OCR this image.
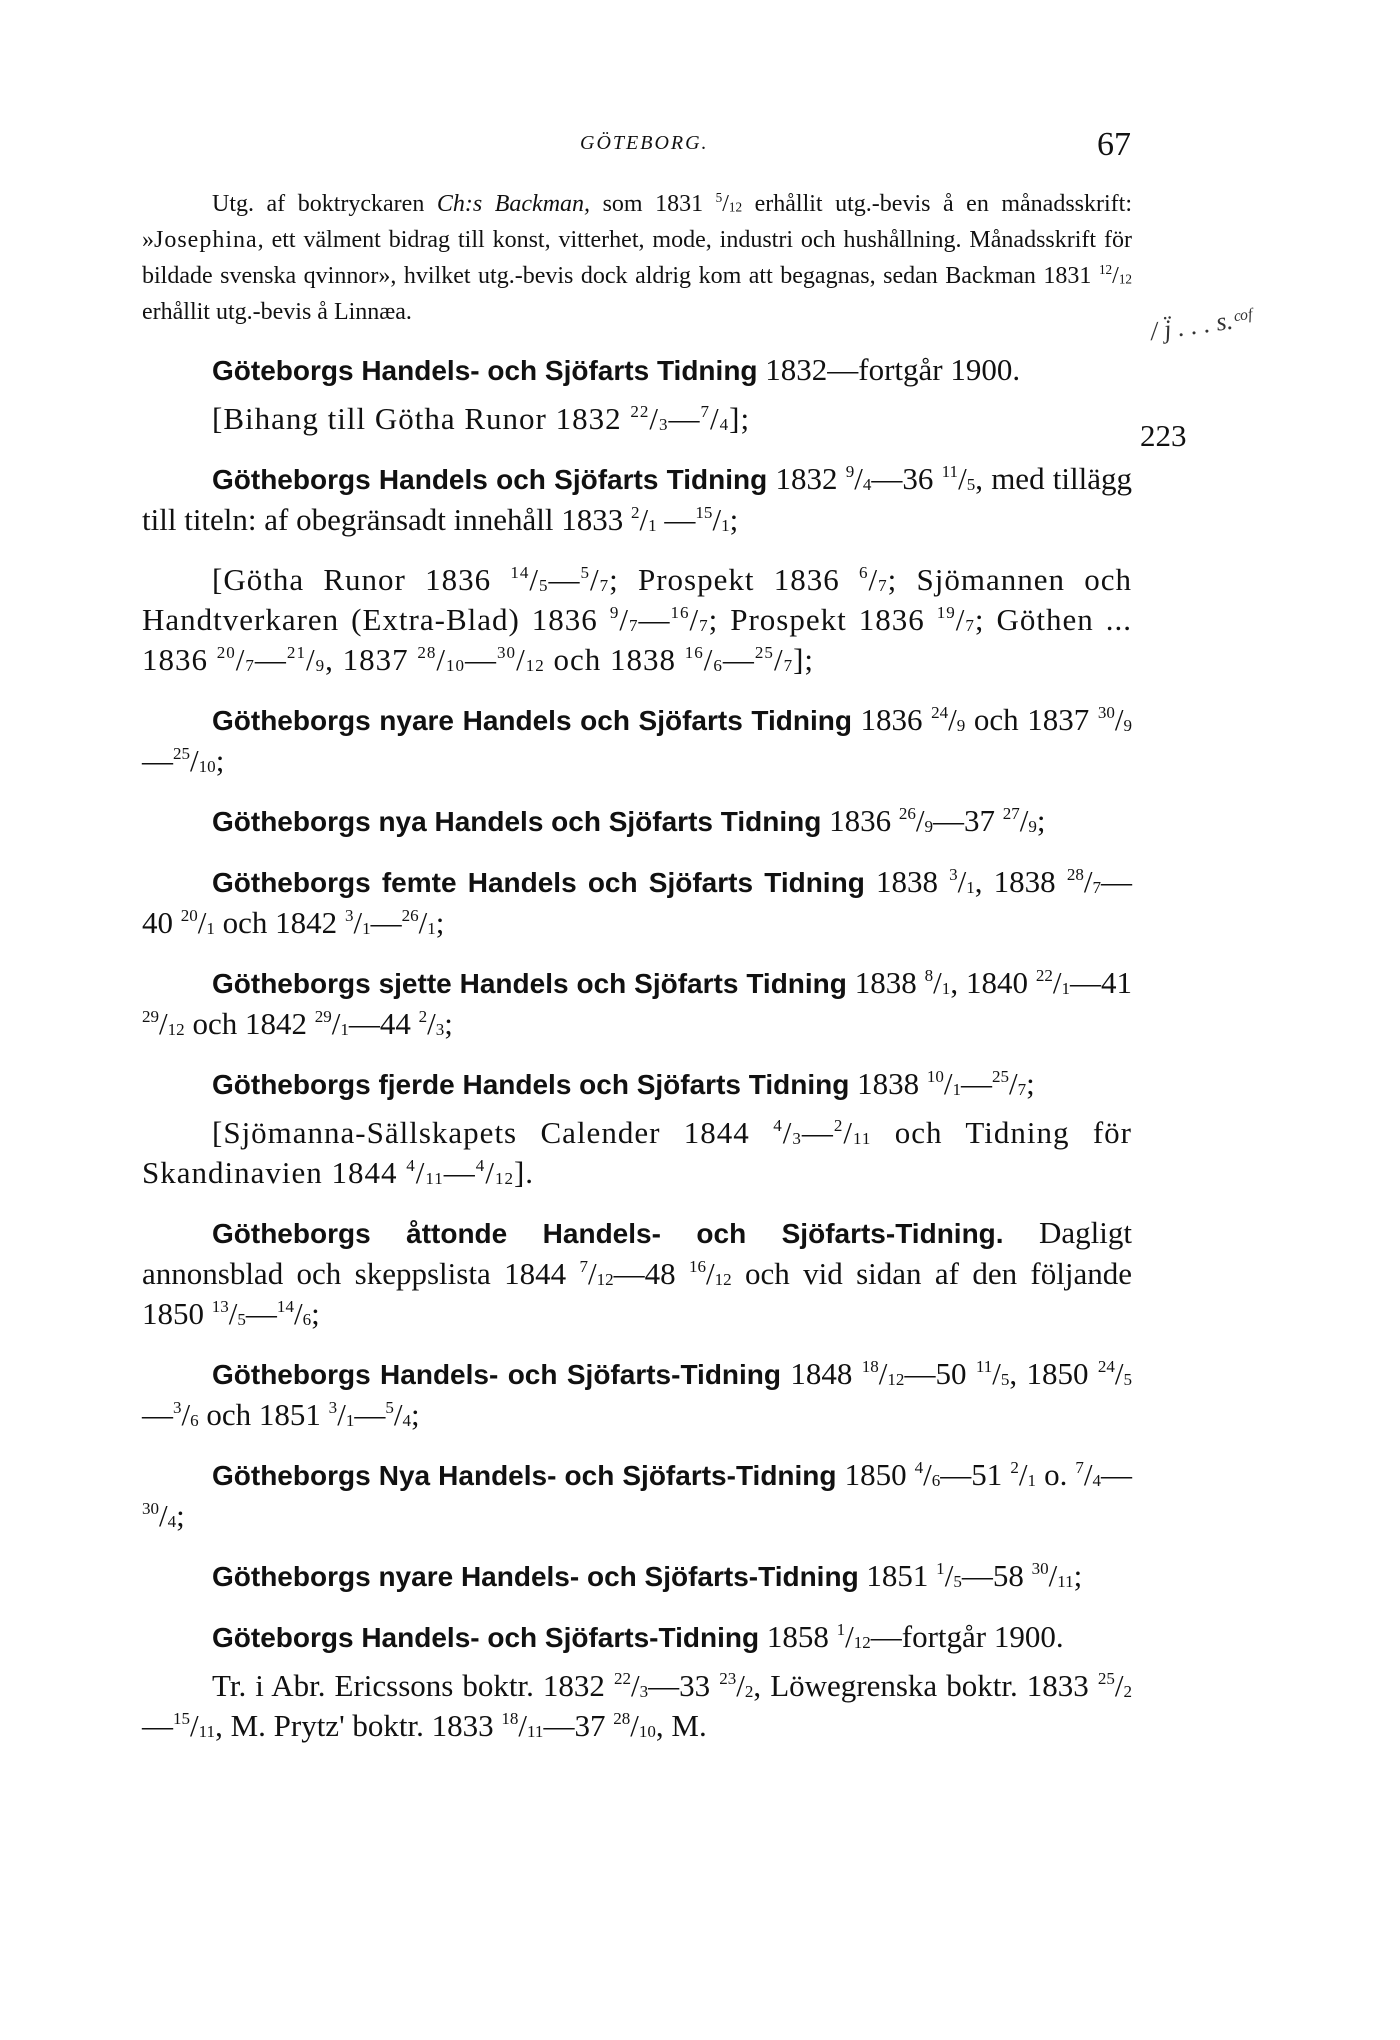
GÖTEBORG.	67
/ j̈ . . . s.ᶜᵒᶠ
223

Utg. af boktryckaren Ch:s Backman, som 1831 $^5/_{12}$ erhållit utg.-bevis å en månadsskrift: »Josephina, ett välment bidrag till konst, vitterhet, mode, industri och hushållning. Månadsskrift för bildade svenska qvinnor», hvilket utg.-bevis dock aldrig kom att begagnas, sedan Backman 1831 $^{12}/_{12}$ erhållit utg.-bevis å Linnæa.

Göteborgs Handels- och Sjöfarts Tidning 1832—fortgår 1900.

[Bihang till Götha Runor 1832 $^{22}/_3—^7/_4$];

Götheborgs Handels och Sjöfarts Tidning 1832 $^9/_4—36$ $^{11}/_5$, med tillägg till titeln: af obegränsadt innehåll 1833 $^2/_1$ $—^{15}/_1$;

[Götha Runor 1836 $^{14}/_5—^5/_7$; Prospekt 1836 $^6/_7$; Sjömannen och Handtverkaren (Extra-Blad) 1836 $^9/_7—^{16}/_7$; Prospekt 1836 $^{19}/_7$; Göthen ... 1836 $^{20}/_7—^{21}/_9$, 1837 $^{28}/_{10}—^{30}/_{12}$ och 1838 $^{16}/_6—^{25}/_7$];

Götheborgs nyare Handels och Sjöfarts Tidning 1836 $^{24}/_9$ och 1837 $^{30}/_9—^{25}/_{10}$;

Götheborgs nya Handels och Sjöfarts Tidning 1836 $^{26}/_9—37$ $^{27}/_9$;

Götheborgs femte Handels och Sjöfarts Tidning 1838 $^3/_1$, 1838 $^{28}/_7—40$ $^{20}/_1$ och 1842 $^3/_1—^{26}/_1$;

Götheborgs sjette Handels och Sjöfarts Tidning 1838 $^8/_1$, 1840 $^{22}/_1—41$ $^{29}/_{12}$ och 1842 $^{29}/_1—44$ $^2/_3$;

Götheborgs fjerde Handels och Sjöfarts Tidning 1838 $^{10}/_1—^{25}/_7$;

[Sjömanna-Sällskapets Calender 1844 $^4/_3—^2/_{11}$ och Tidning för Skandinavien 1844 $^4/_{11}—^4/_{12}$].

Götheborgs åttonde Handels- och Sjöfarts-Tidning. Dagligt annonsblad och skeppslista 1844 $^7/_{12}—48$ $^{16}/_{12}$ och vid sidan af den följande 1850 $^{13}/_5—^{14}/_6$;

Götheborgs Handels- och Sjöfarts-Tidning 1848 $^{18}/_{12}—50$ $^{11}/_5$, 1850 $^{24}/_5—^3/_6$ och 1851 $^3/_1—^5/_4$;

Götheborgs Nya Handels- och Sjöfarts-Tidning 1850 $^4/_6—51$ $^2/_1$ o. $^7/_4—^{30}/_4$;

Götheborgs nyare Handels- och Sjöfarts-Tidning 1851 $^1/_5—58$ $^{30}/_{11}$;

Göteborgs Handels- och Sjöfarts-Tidning 1858 $^1/_{12}—fortgår$ 1900.

Tr. i Abr. Ericssons boktr. 1832 $^{22}/_3—33$ $^{23}/_2$, Löwegrenska boktr. 1833 $^{25}/_2—^{15}/_{11}$, M. Prytz' boktr. 1833 $^{18}/_{11}—37$ $^{28}/_{10}$, M.
